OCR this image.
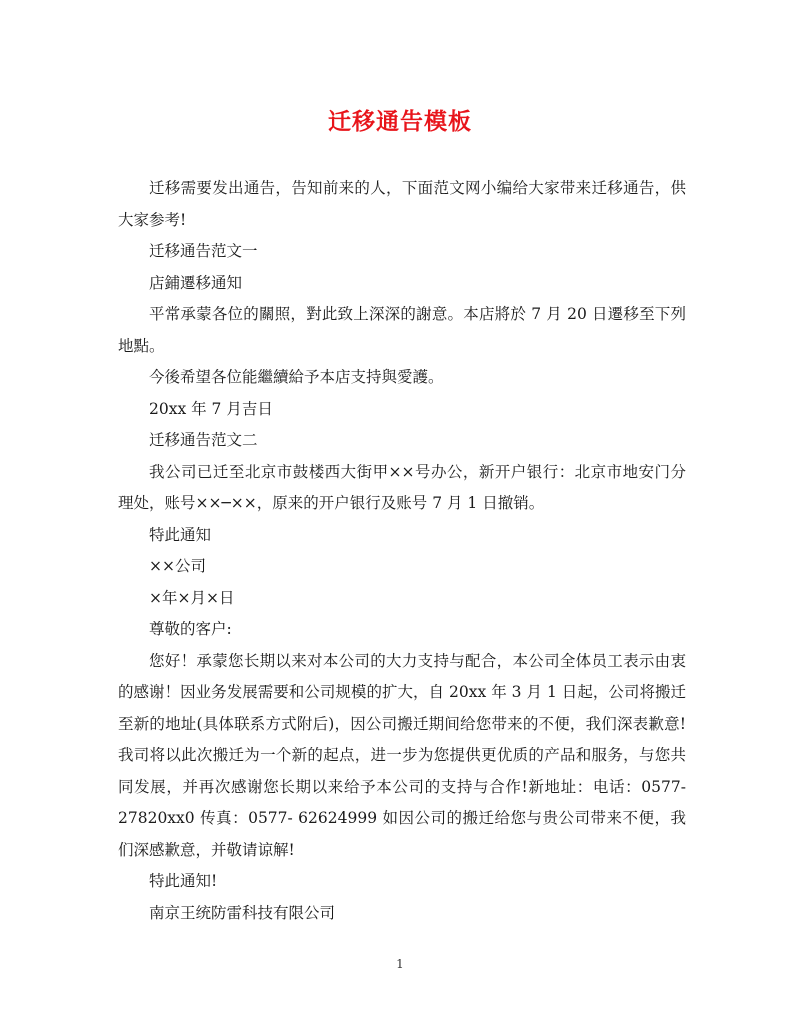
迁移通告模板

迁移需要发出通告，告知前来的人，下面范文网小编给大家带来迁移通告，供大家参考!

迁移通告范文一

店鋪遷移通知

平常承蒙各位的關照，對此致上深深的謝意。本店將於 7 月 20 日遷移至下列地點。

今後希望各位能繼續給予本店支持與愛護。

20xx 年 7 月吉日

迁移通告范文二

我公司已迁至北京市鼓楼西大街甲××号办公，新开户银行：北京市地安门分理处，账号××─××，原来的开户银行及账号 7 月 1 日撤销。

特此通知

××公司

×年×月×日

尊敬的客户:

您好！承蒙您长期以来对本公司的大力支持与配合，本公司全体员工表示由衷的感谢！因业务发展需要和公司规模的扩大，自 20xx 年 3 月 1 日起，公司将搬迁至新的地址(具体联系方式附后)，因公司搬迁期间给您带来的不便，我们深表歉意!我司将以此次搬迁为一个新的起点，进一步为您提供更优质的产品和服务，与您共同发展，并再次感谢您长期以来给予本公司的支持与合作!新地址：电话：0577- 27820xx0 传真：0577- 62624999 如因公司的搬迁给您与贵公司带来不便，我们深感歉意，并敬请谅解!

特此通知!

南京王统防雷科技有限公司

1
